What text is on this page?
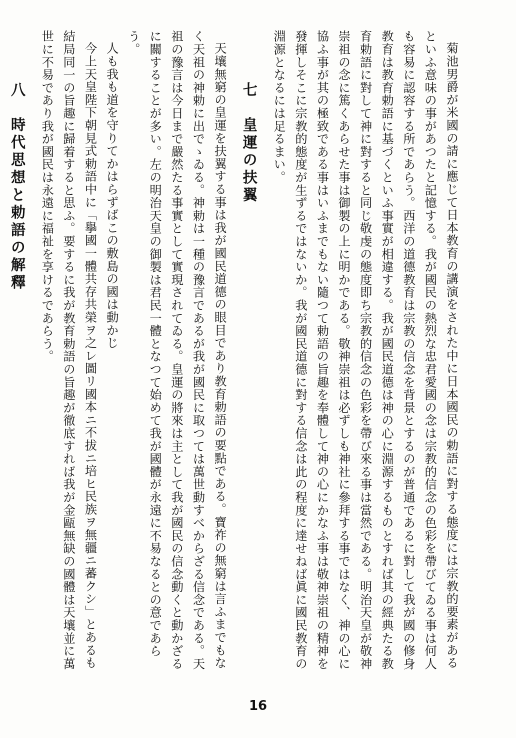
菊池男爵が米國の請に應じて日本教育の講演をされた中に日本國民の勅語に對する態度には宗教的要素があるといふ意味の事があつたと記憶する。我が國民の熱烈な忠君愛國の念は宗教的信念の色彩を帶びてゐる事は何人も容易に認容する所であらう。西洋の道德教育は宗教の信念を背景とするのが普通であるに對して我が國の修身教育は教育勅語に基づくといふ事實が相違する。我が國民道德は神の心に淵源するものとすれば其の經典たる教育勅語に對して神に對すると同じ敬虔の態度即ち宗教的信念の色彩を帶び來る事は當然である。明治天皇が敬神崇祖の念に篤くあらせた事は御製の上に明かである。敬神崇祖は必ずしも神社に參拜する事ではなく、神の心に協ふ事が其の極致である事はいふまでもない隨つて勅語の旨趣を奉體して神の心にかなふ事は敬神崇祖の精神を發揮しそこに宗教的態度が生ずるではないか。我が國民道德に對する信念は此の程度に達せねば眞に國民教育の淵源となるには足るまい。

七　皇運の扶翼

天壤無窮の皇運を扶翼する事は我が國民道德の眼目であり教育勅語の要點である。寶祚の無窮は言ふまでもなく天祖の神勅に出でゝゐる。神勅は一種の豫言であるが我が國民に取つては萬世動すべからざる信念である。天祖の豫言は今日まで嚴然たる事實として實現されてゐる。皇運の將來は主として我が國民の信念動くと動かざるに關することが多い。左の明治天皇の御製は君民一體となつて始めて我が國體が永遠に不易なるとの意であらう。

人も我も道を守りてかはらずばこの敷島の國は動かじ

今上天皇陛下朝見式勅語中に「擧國一體共存共榮ヲ之レ圖リ國本ニ不拔ニ培ヒ民族ヲ無疆ニ蕃クシ」とあるも結局同一の旨趣に歸着すると思ふ。要するに我が教育勅語の旨趣が徹底すれば我が金甌無缺の國體は天壤並に萬世に不易であり我が國民は永遠に福祉を享けるであらう。

八　時代思想と勅語の解釋
16
